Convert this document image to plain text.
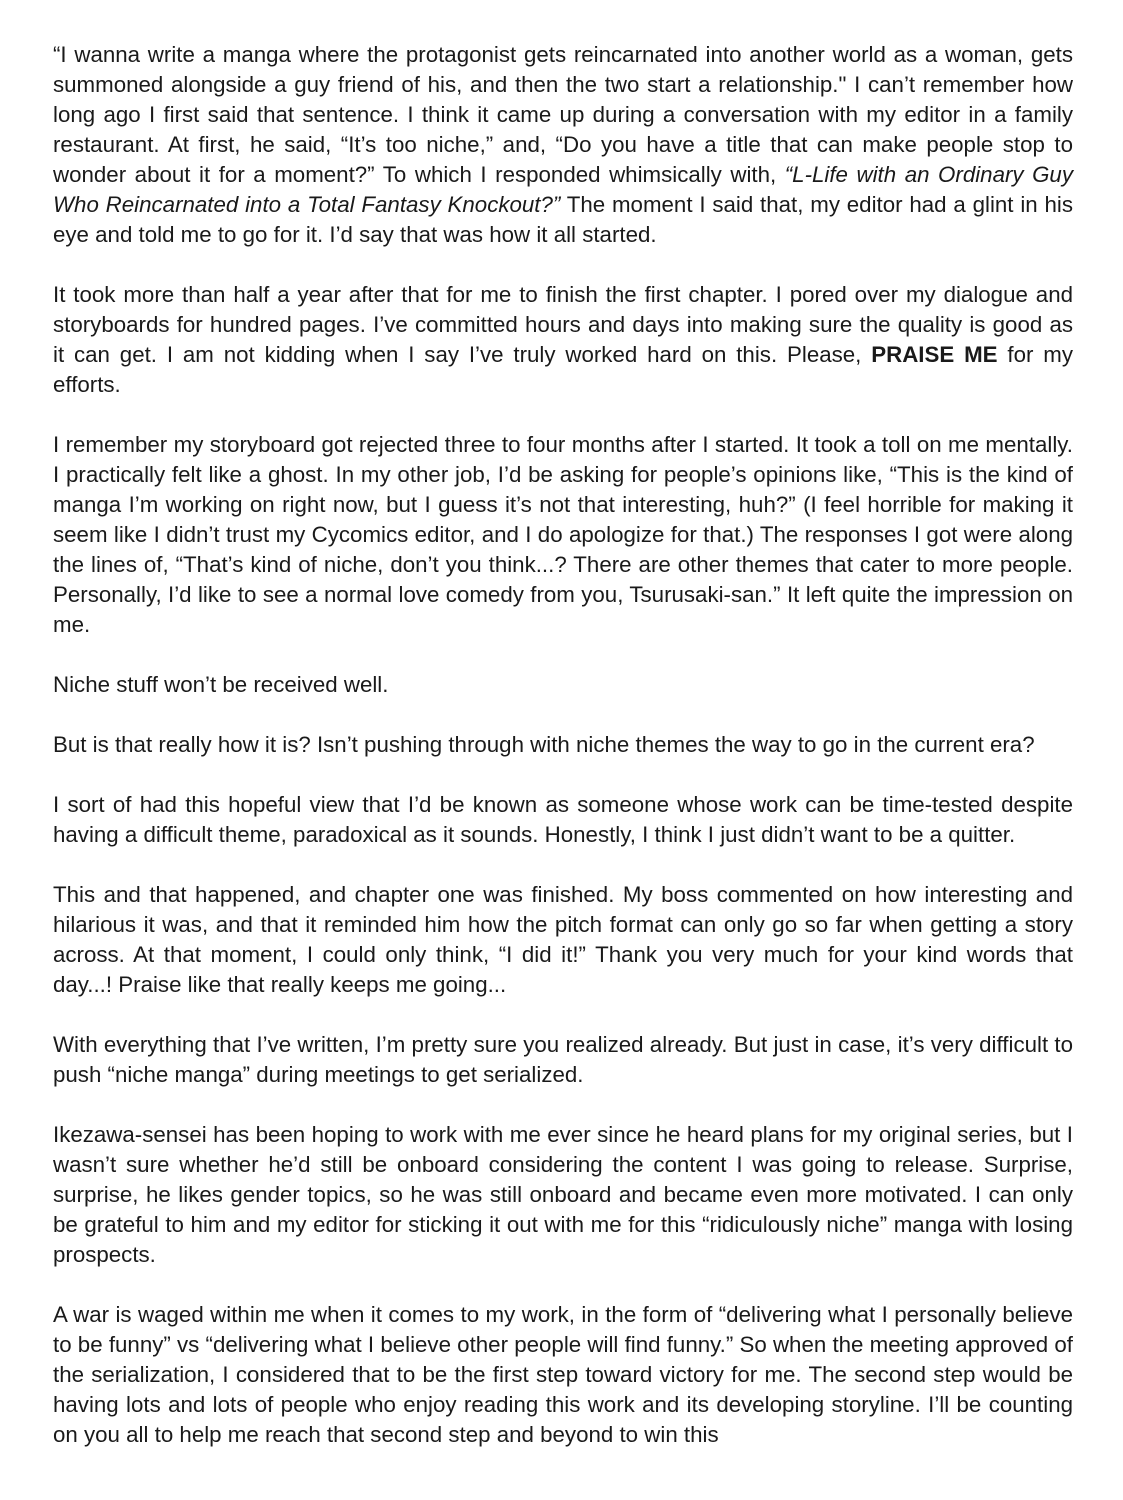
“I wanna write a manga where the protagonist gets reincarnated into another world as a woman, gets summoned alongside a guy friend of his, and then the two start a relationship." I can’t remember how long ago I first said that sentence. I think it came up during a conversation with my editor in a family restaurant. At first, he said, “It’s too niche,” and, “Do you have a title that can make people stop to wonder about it for a moment?” To which I responded whimsically with, “L-Life with an Ordinary Guy Who Reincarnated into a Total Fantasy Knockout?” The moment I said that, my editor had a glint in his eye and told me to go for it. I’d say that was how it all started.

It took more than half a year after that for me to finish the first chapter. I pored over my dialogue and storyboards for hundred pages. I’ve committed hours and days into making sure the quality is good as it can get. I am not kidding when I say I’ve truly worked hard on this. Please, PRAISE ME for my efforts.

I remember my storyboard got rejected three to four months after I started. It took a toll on me mentally. I practically felt like a ghost. In my other job, I’d be asking for people’s opinions like, “This is the kind of manga I’m working on right now, but I guess it’s not that interesting, huh?” (I feel horrible for making it seem like I didn’t trust my Cycomics editor, and I do apologize for that.) The responses I got were along the lines of, “That’s kind of niche, don’t you think...? There are other themes that cater to more people. Personally, I’d like to see a normal love comedy from you, Tsurusaki-san.” It left quite the impression on me.

Niche stuff won’t be received well.

But is that really how it is? Isn’t pushing through with niche themes the way to go in the current era?

I sort of had this hopeful view that I’d be known as someone whose work can be time-tested despite having a difficult theme, paradoxical as it sounds. Honestly, I think I just didn’t want to be a quitter.

This and that happened, and chapter one was finished. My boss commented on how interesting and hilarious it was, and that it reminded him how the pitch format can only go so far when getting a story across. At that moment, I could only think, “I did it!” Thank you very much for your kind words that day...! Praise like that really keeps me going...

With everything that I’ve written, I’m pretty sure you realized already. But just in case, it’s very difficult to push “niche manga” during meetings to get serialized.

Ikezawa-sensei has been hoping to work with me ever since he heard plans for my original series, but I wasn’t sure whether he’d still be onboard considering the content I was going to release. Surprise, surprise, he likes gender topics, so he was still onboard and became even more motivated. I can only be grateful to him and my editor for sticking it out with me for this “ridiculously niche” manga with losing prospects.

A war is waged within me when it comes to my work, in the form of “delivering what I personally believe to be funny” vs “delivering what I believe other people will find funny.” So when the meeting approved of the serialization, I considered that to be the first step toward victory for me. The second step would be having lots and lots of people who enjoy reading this work and its developing storyline. I’ll be counting on you all to help me reach that second step and beyond to win this
